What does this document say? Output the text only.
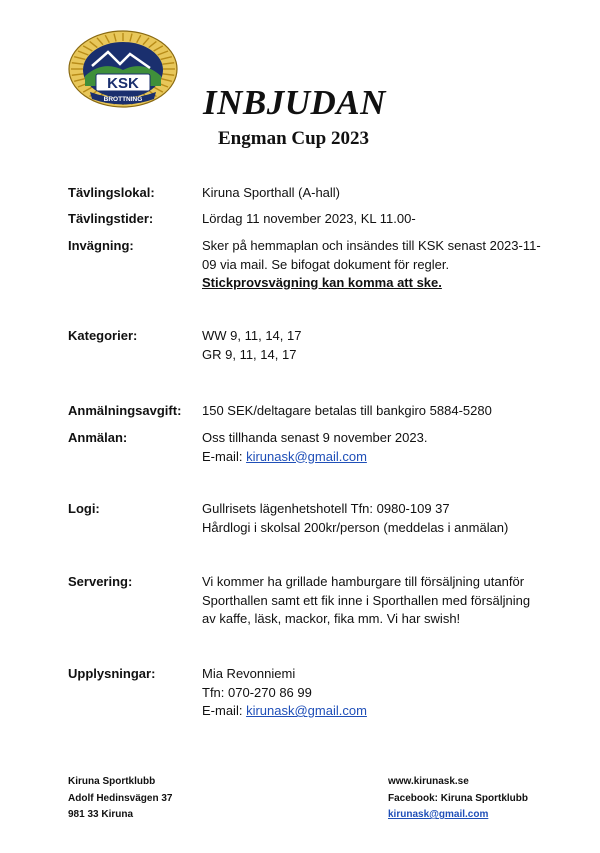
KSK
BROTTNING INBJUDAN
Engman Cup 2023
Tävlingslokal:	Kiruna Sporthall (A-hall)
Tävlingstider:	Lördag 11 november 2023, KL 11.00-
Invägning:	Sker på hemmaplan och insändes till KSK senast 2023-11-09 via mail. Se bifogat dokument för regler.
Stickprovsvägning kan komma att ske.
Kategorier:	WW 9, 11, 14, 17
GR 9, 11, 14, 17
Anmälningsavgift: 150 SEK/deltagare betalas till bankgiro 5884-5280
Anmälan:	Oss tillhanda senast 9 november 2023.
E-mail: kirunask@gmail.com
Logi:	Gullrisets lägenhetshotell Tfn: 0980-109 37
Hårdlogi i skolsal 200kr/person (meddelas i anmälan)
Servering:	Vi kommer ha grillade hamburgare till försäljning utanför Sporthallen samt ett fik inne i Sporthallen med försäljning av kaffe, läsk, mackor, fika mm. Vi har swish!
Upplysningar:	Mia Revonniemi
Tfn: 070-270 86 99
E-mail: kirunask@gmail.com
Kiruna Sportklubb
Adolf Hedinsvägen 37
981 33 Kiruna
www.kirunask.se
Facebook: Kiruna Sportklubb
kirunask@gmail.com
